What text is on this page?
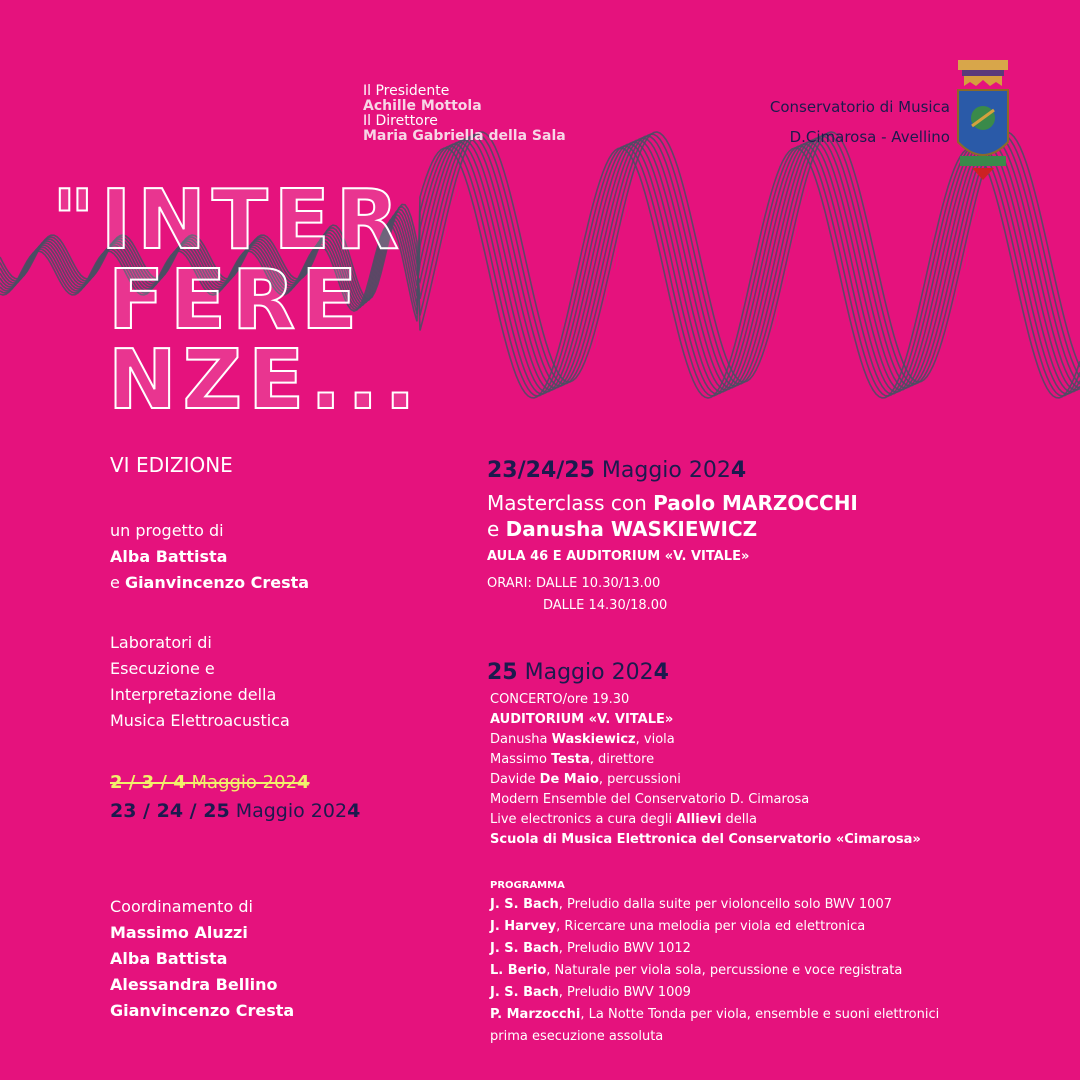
Il Presidente
Achille Mottola
Il Direttore
Maria Gabriella della Sala
Conservatorio di Musica
D.Cimarosa - Avellino
"INTER
FERE
NZE...
VI EDIZIONE
un progetto di
Alba Battista
e Gianvincenzo Cresta
Laboratori di
Esecuzione e
Interpretazione della
Musica Elettroacustica
2 / 3 / 4 Maggio 2024
23 / 24 / 25 Maggio 2024
Coordinamento di
Massimo Aluzzi
Alba Battista
Alessandra Bellino
Gianvincenzo Cresta
23/24/25 Maggio 2024
Masterclass con Paolo MARZOCCHI
e Danusha WASKIEWICZ
AULA 46 E AUDITORIUM «V. VITALE»
ORARI: DALLE 10.30/13.00
DALLE 14.30/18.00
25 Maggio 2024
CONCERTO/ore 19.30
AUDITORIUM «V. VITALE»
Danusha Waskiewicz, viola
Massimo Testa, direttore
Davide De Maio, percussioni
Modern Ensemble del Conservatorio D. Cimarosa
Live electronics a cura degli Allievi della
Scuola di Musica Elettronica del Conservatorio «Cimarosa»
PROGRAMMA
J. S. Bach, Preludio dalla suite per violoncello solo BWV 1007
J. Harvey, Ricercare una melodia per viola ed elettronica
J. S. Bach, Preludio BWV 1012
L. Berio, Naturale per viola sola, percussione e voce registrata
J. S. Bach, Preludio BWV 1009
P. Marzocchi, La Notte Tonda per viola, ensemble e suoni elettronici
prima esecuzione assoluta
